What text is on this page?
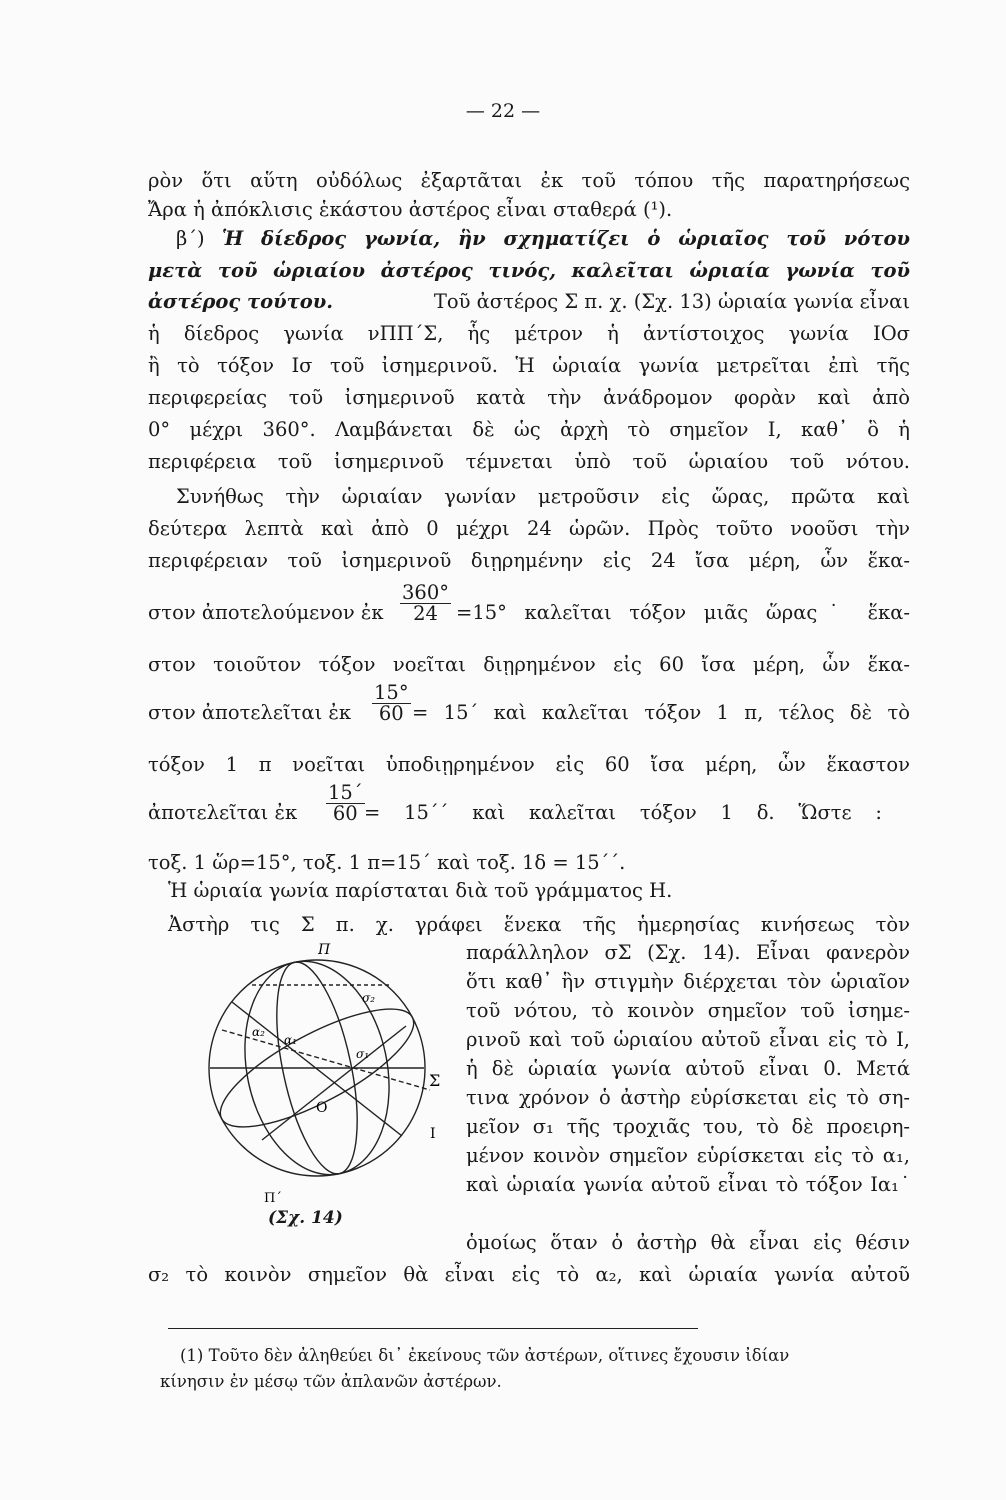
— 22 —
ρὸν ὅτι αὕτη οὐδόλως ἐξαρτᾶται ἐκ τοῦ τόπου τῆς παρατηρήσεως
Ἄρα ἡ ἀπόκλισις ἑκάστου ἀστέρος εἶναι σταθερά (¹).
β΄) Ἡ δίεδρος γωνία, ἣν σχηματίζει ὁ ὡριαῖος τοῦ νότου
μετὰ τοῦ ὡριαίου ἀστέρος τινός, καλεῖται ὡριαία γωνία τοῦ
ἀστέρος τούτου.	Τοῦ ἀστέρος Σ π. χ. (Σχ. 13) ὡριαία γωνία εἶναι
ἡ δίεδρος γωνία νΠΠ΄Σ, ἧς μέτρον ἡ ἀντίστοιχος γωνία ΙΟσ
ἢ τὸ τόξον Ισ τοῦ ἰσημερινοῦ. Ἡ ὡριαία γωνία μετρεῖται ἐπὶ τῆς
περιφερείας τοῦ ἰσημερινοῦ κατὰ τὴν ἀνάδρομον φορὰν καὶ ἀπὸ
0° μέχρι 360°. Λαμβάνεται δὲ ὡς ἀρχὴ τὸ σημεῖον Ι, καθ᾽ ὃ ἡ
περιφέρεια τοῦ ἰσημερινοῦ τέμνεται ὑπὸ τοῦ ὡριαίου τοῦ νότου.
Συνήθως τὴν ὡριαίαν γωνίαν μετροῦσιν εἰς ὥρας, πρῶτα καὶ
δεύτερα λεπτὰ καὶ ἀπὸ 0 μέχρι 24 ὡρῶν. Πρὸς τοῦτο νοοῦσι τὴν
περιφέρειαν τοῦ ἰσημερινοῦ διῃρημένην εἰς 24 ἴσα μέρη, ὧν ἕκα-
στον ἀποτελούμενον ἐκ $\frac{360^\circ}{24} =15^\circ$ καλεῖται τόξον μιᾶς ὥρας˙ ἕκα-
στον τοιοῦτον τόξον νοεῖται διῃρημένον εἰς 60 ἴσα μέρη, ὧν ἕκα-
στον ἀποτελεῖται ἐκ $\frac{15^\circ}{60} = 15΄$ καὶ καλεῖται τόξον 1 π, τέλος δὲ τὸ
τόξον 1 π νοεῖται ὑποδιῃρημένον εἰς 60 ἴσα μέρη, ὧν ἕκαστον
ἀποτελεῖται ἐκ $\frac{15΄}{60} = 15΄΄$ καὶ καλεῖται τόξον 1 δ. Ὥστε :
τοξ. 1 ὥρ=15°, τοξ. 1 π=15΄ καὶ τοξ. 1δ = 15΄΄.
Ἡ ὡριαία γωνία παρίσταται διὰ τοῦ γράμματος Η.
Ἀστὴρ τις Σ π. χ. γράφει ἕνεκα τῆς ἡμερησίας κινήσεως τὸν
Π
Π΄
Σ
Ο
Ι
α₁
α₂
σ₁
σ₂
(Σχ. 14)
παράλληλον σΣ (Σχ. 14). Εἶναι φανερὸν
ὅτι καθ᾽ ἣν στιγμὴν διέρχεται τὸν ὡριαῖον
τοῦ νότου, τὸ κοινὸν σημεῖον τοῦ ἰσημε-
ρινοῦ καὶ τοῦ ὡριαίου αὐτοῦ εἶναι εἰς τὸ Ι,
ἡ δὲ ὡριαία γωνία αὐτοῦ εἶναι 0. Μετά
τινα χρόνον ὁ ἀστὴρ εὑρίσκεται εἰς τὸ ση-
μεῖον σ₁ τῆς τροχιᾶς του, τὸ δὲ προειρη-
μένον κοινὸν σημεῖον εὑρίσκεται εἰς τὸ α₁,
καὶ ὡριαία γωνία αὐτοῦ εἶναι τὸ τόξον Ια₁˙
ὁμοίως ὅταν ὁ ἀστὴρ θὰ εἶναι εἰς θέσιν
σ₂ τὸ κοινὸν σημεῖον θὰ εἶναι εἰς τὸ α₂, καὶ ὡριαία γωνία αὐτοῦ
(1) Τοῦτο δὲν ἀληθεύει δι᾽ ἐκείνους τῶν ἀστέρων, οἵτινες ἔχουσιν ἰδίαν
κίνησιν ἐν μέσῳ τῶν ἀπλανῶν ἀστέρων.
